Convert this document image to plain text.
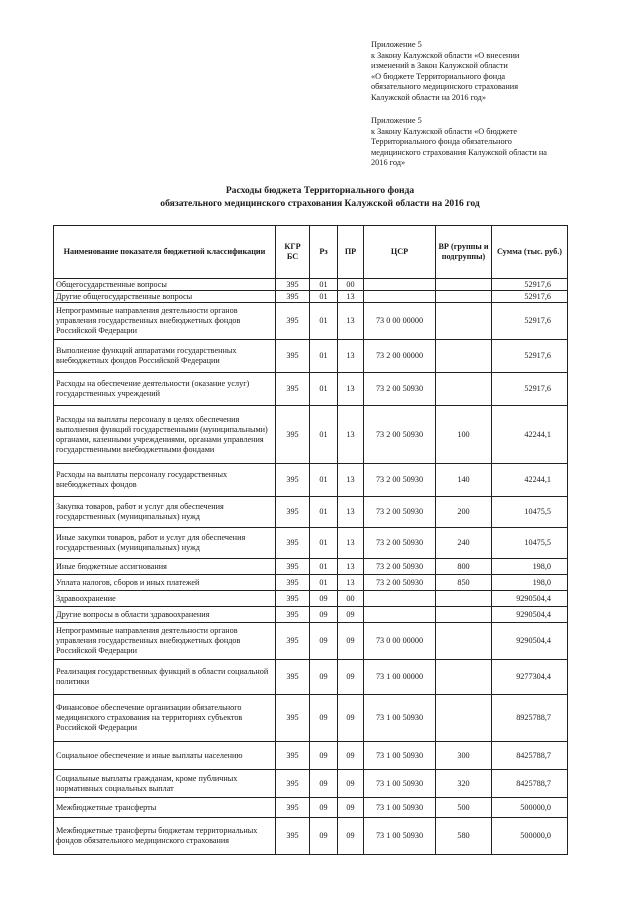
Приложение 5
к Закону Калужской области «О внесении
изменений в Закон Калужской области
«О бюджете Территориального фонда
обязательного медицинского страхования
Калужской области на 2016 год»
Приложение 5
к Закону Калужской области «О бюджете
Территориального фонда обязательного
медицинского страхования Калужской области на
2016 год»
Расходы бюджета Территориального фонда
обязательного медицинского страхования Калужской области на 2016 год
Наименование показателя бюджетной классификации	КГР БС	Рз	ПР	ЦСР	ВР (группы и подгруппы)	Сумма (тыс. руб.)
Общегосударственные вопросы	395	01	00			52917,6
Другие общегосударственные вопросы	395	01	13			52917,6
Непрограммные направления деятельности органов управления государственных внебюджетных фондов Российской Федерации	395	01	13	73 0 00 00000		52917,6
Выполнение функций аппаратами государственных внебюджетных фондов Российской Федерации	395	01	13	73 2 00 00000		52917,6
Расходы на обеспечение деятельности (оказание услуг) государственных учреждений	395	01	13	73 2 00 50930		52917,6
Расходы на выплаты персоналу в целях обеспечения выполнения функций государственными (муниципальными) органами, казенными учреждениями, органами управления государственными внебюджетными фондами	395	01	13	73 2 00 50930	100	42244,1
Расходы на выплаты персоналу государственных внебюджетных фондов	395	01	13	73 2 00 50930	140	42244,1
Закупка товаров, работ и услуг для обеспечения государственных (муниципальных) нужд	395	01	13	73 2 00 50930	200	10475,5
Иные закупки товаров, работ и услуг для обеспечения государственных (муниципальных) нужд	395	01	13	73 2 00 50930	240	10475,5
Иные бюджетные ассигнования	395	01	13	73 2 00 50930	800	198,0
Уплата налогов, сборов и иных платежей	395	01	13	73 2 00 50930	850	198,0
Здравоохранение	395	09	00			9290504,4
Другие вопросы в области здравоохранения	395	09	09			9290504,4
Непрограммные направления деятельности органов управления государственных внебюджетных фондов Российской Федерации	395	09	09	73 0 00 00000		9290504,4
Реализация государственных функций в области социальной политики	395	09	09	73 1 00 00000		9277304,4
Финансовое обеспечение организации обязательного медицинского страхования на территориях субъектов Российской Федерации	395	09	09	73 1 00 50930		8925788,7
Социальное обеспечение и иные выплаты населению	395	09	09	73 1 00 50930	300	8425788,7
Социальные выплаты гражданам, кроме публичных нормативных социальных выплат	395	09	09	73 1 00 50930	320	8425788,7
Межбюджетные трансферты	395	09	09	73 1 00 50930	500	500000,0
Межбюджетные трансферты бюджетам территориальных фондов обязательного медицинского страхования	395	09	09	73 1 00 50930	580	500000,0
